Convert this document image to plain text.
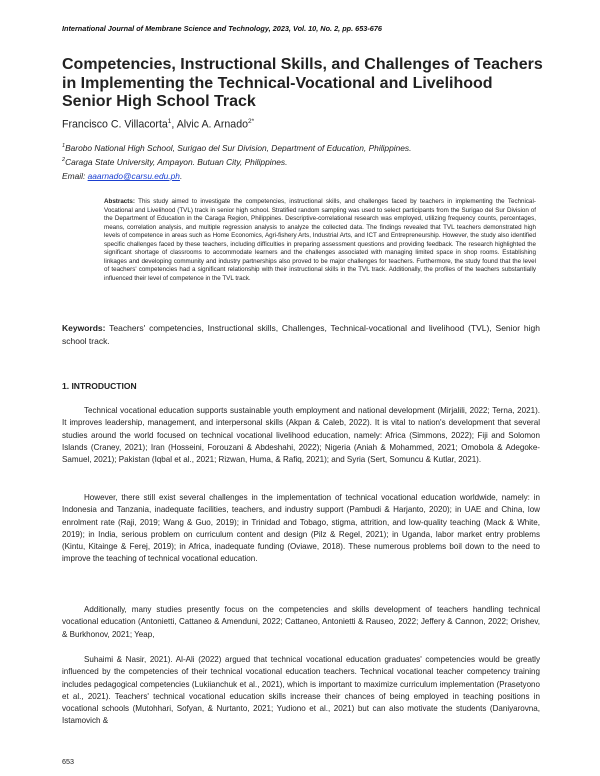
International Journal of Membrane Science and Technology, 2023, Vol. 10, No. 2, pp. 653-676
Competencies, Instructional Skills, and Challenges of Teachers in Implementing the Technical-Vocational and Livelihood Senior High School Track
Francisco C. Villacorta$^1$, Alvic A. Arnado$^{2*}$
$^1$Barobo National High School, Surigao del Sur Division, Department of Education, Philippines.
$^2$Caraga State University, Ampayon. Butuan City, Philippines.
Email: aaarnado@carsu.edu.ph.

Abstracts: This study aimed to investigate the competencies, instructional skills, and challenges faced by teachers in implementing the Technical-Vocational and Livelihood (TVL) track in senior high school. Stratified random sampling was used to select participants from the Surigao del Sur Division of the Department of Education in the Caraga Region, Philippines. Descriptive-correlational research was employed, utilizing frequency counts, percentages, means, correlation analysis, and multiple regression analysis to analyze the collected data. The findings revealed that TVL teachers demonstrated high levels of competence in areas such as Home Economics, Agri-fishery Arts, Industrial Arts, and ICT and Entrepreneurship. However, the study also identified specific challenges faced by these teachers, including difficulties in preparing assessment questions and providing feedback. The research highlighted the significant shortage of classrooms to accommodate learners and the challenges associated with managing limited space in shop rooms. Establishing linkages and developing community and industry partnerships also proved to be major challenges for teachers. Furthermore, the study found that the level of teachers' competencies had a significant relationship with their instructional skills in the TVL track. Additionally, the profiles of the teachers substantially influenced their level of competence in the TVL track.

Keywords: Teachers' competencies, Instructional skills, Challenges, Technical-vocational and livelihood (TVL), Senior high school track.

1. INTRODUCTION

Technical vocational education supports sustainable youth employment and national development (Mirjalili, 2022; Terna, 2021). It improves leadership, management, and interpersonal skills (Akpan & Caleb, 2022). It is vital to nation's development that several studies around the world focused on technical vocational livelihood education, namely: Africa (Simmons, 2022); Fiji and Solomon Islands (Craney, 2021); Iran (Hosseini, Forouzani & Abdeshahi, 2022); Nigeria (Aniah & Mohammed, 2021; Omobola & Adegoke-Samuel, 2021); Pakistan (Iqbal et al., 2021; Rizwan, Huma, & Rafiq, 2021); and Syria (Sert, Somuncu & Kutlar, 2021).

However, there still exist several challenges in the implementation of technical vocational education worldwide, namely: in Indonesia and Tanzania, inadequate facilities, teachers, and industry support (Pambudi & Harjanto, 2020); in UAE and China, low enrolment rate (Raji, 2019; Wang & Guo, 2019); in Trinidad and Tobago, stigma, attrition, and low-quality teaching (Mack & White, 2019); in India, serious problem on curriculum content and design (Pilz & Regel, 2021); in Uganda, labor market entry problems (Kintu, Kitainge & Ferej, 2019); in Africa, inadequate funding (Oviawe, 2018). These numerous problems boil down to the need to improve the teaching of technical vocational education.

Additionally, many studies presently focus on the competencies and skills development of teachers handling technical vocational education (Antonietti, Cattaneo & Amenduni, 2022; Cattaneo, Antonietti & Rauseo, 2022; Jeffery & Cannon, 2022; Orishev, & Burkhonov, 2021; Yeap,

Suhaimi & Nasir, 2021). Al-Ali (2022) argued that technical vocational education graduates' competencies would be greatly influenced by the competencies of their technical vocational education teachers. Technical vocational teacher competency training includes pedagogical competencies (Lukiianchuk et al., 2021), which is important to maximize curriculum implementation (Prasetyono et al., 2021). Teachers' technical vocational education skills increase their chances of being employed in teaching positions in vocational schools (Mutohhari, Sofyan, & Nurtanto, 2021; Yudiono et al., 2021) but can also motivate the students (Daniyarovna, Istamovich &

653
